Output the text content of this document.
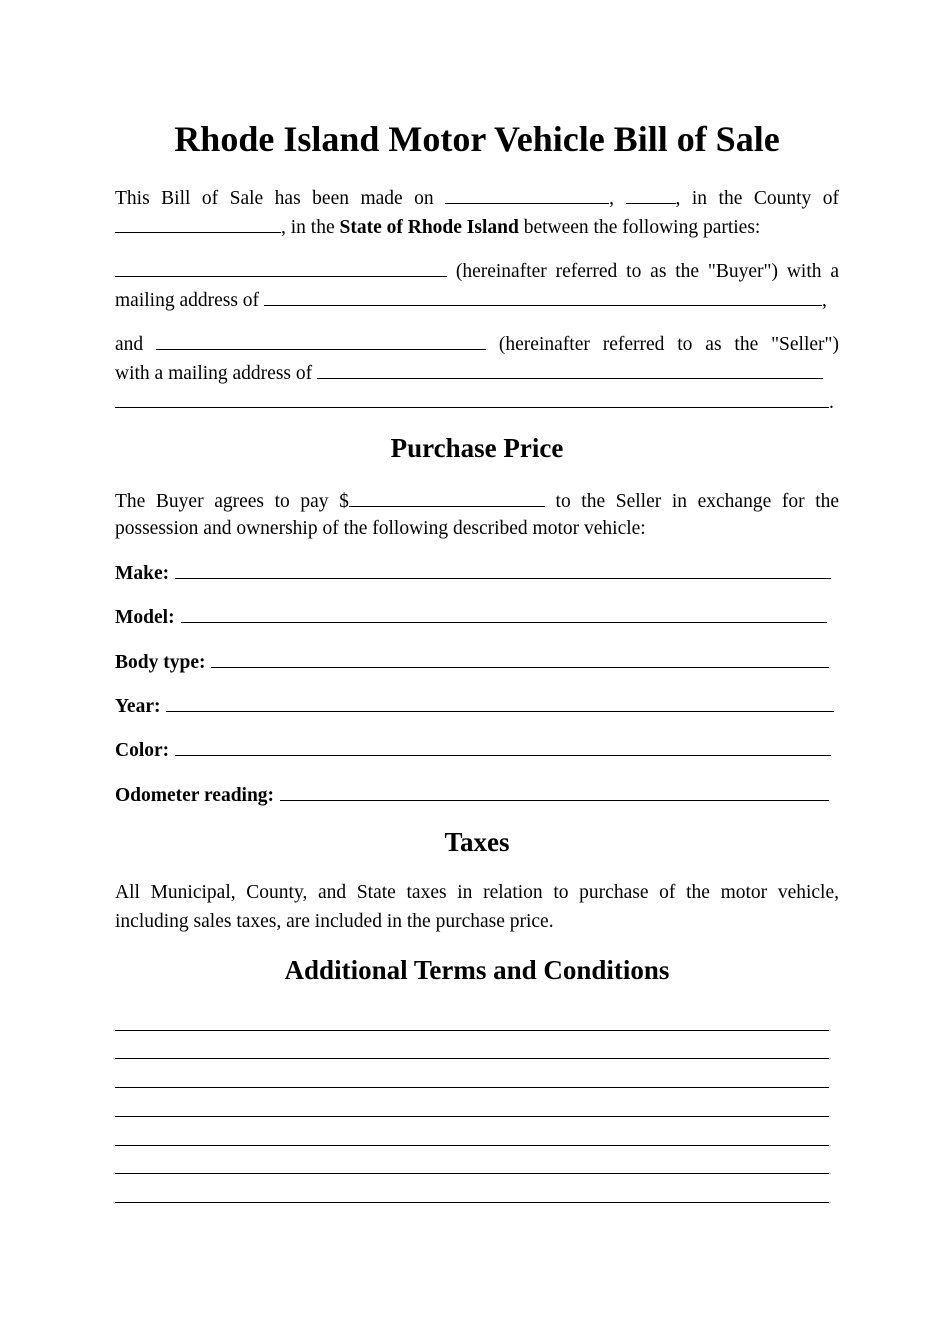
Rhode Island Motor Vehicle Bill of Sale

This Bill of Sale has been made on	,	, in the County of

, in the State of Rhode Island between the following parties:

(hereinafter referred to as the "Buyer") with a

mailing address of	,

and	(hereinafter referred to as the "Seller")

with a mailing address of

.

Purchase Price

The Buyer agrees to pay $	to the Seller in exchange for the

possession and ownership of the following described motor vehicle:

Make:
Model:
Body type:
Year:
Color:
Odometer reading:
Taxes

All Municipal, County, and State taxes in relation to purchase of the motor vehicle,

including sales taxes, are included in the purchase price.

Additional Terms and Conditions
